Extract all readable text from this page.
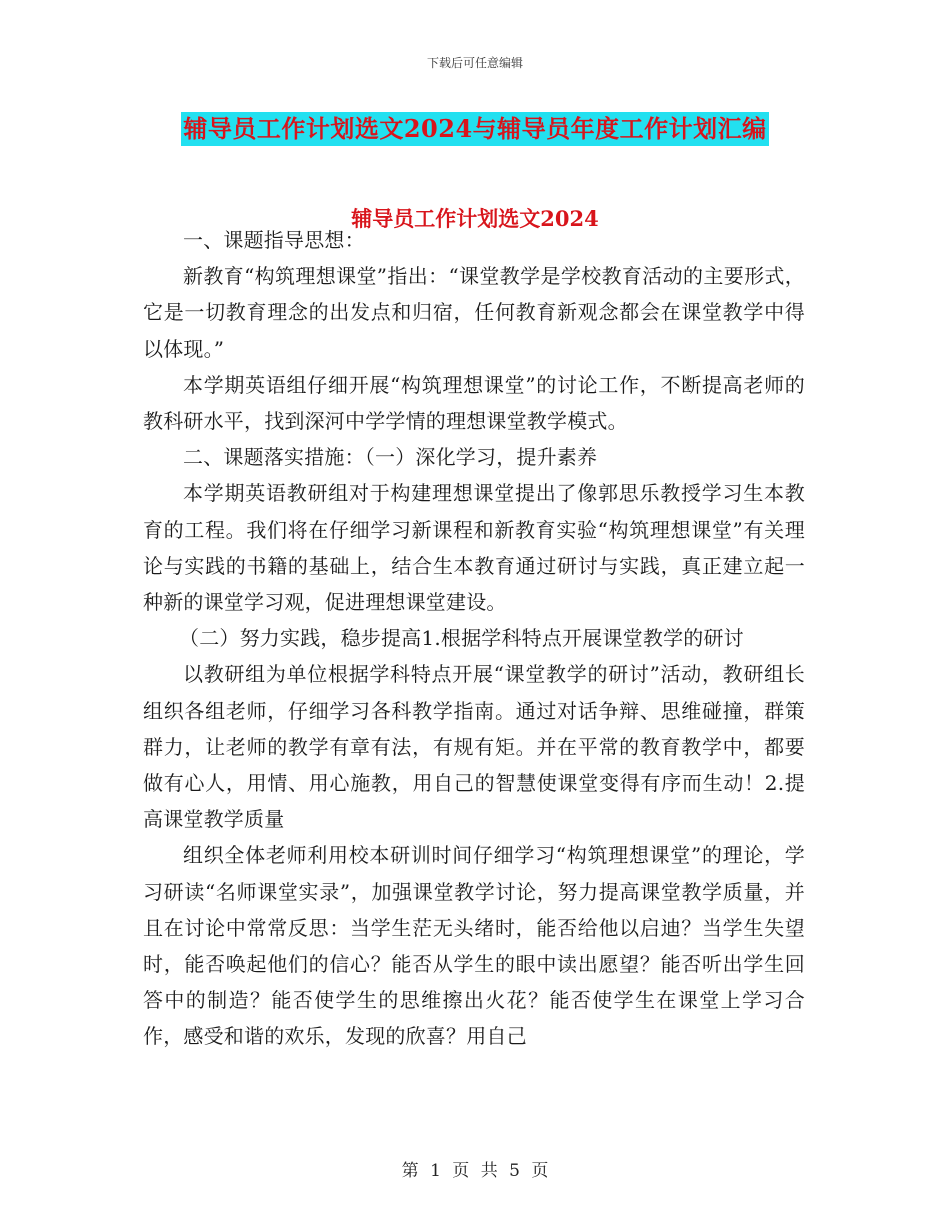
下载后可任意编辑
辅导员工作计划选文2024与辅导员年度工作计划汇编
辅导员工作计划选文2024

一、课题指导思想：

新教育“构筑理想课堂”指出：“课堂教学是学校教育活动的主要形式，它是一切教育理念的出发点和归宿，任何教育新观念都会在课堂教学中得以体现。”

本学期英语组仔细开展“构筑理想课堂”的讨论工作，不断提高老师的教科研水平，找到深河中学学情的理想课堂教学模式。

二、课题落实措施：（一）深化学习，提升素养

本学期英语教研组对于构建理想课堂提出了像郭思乐教授学习生本教育的工程。我们将在仔细学习新课程和新教育实验“构筑理想课堂”有关理论与实践的书籍的基础上，结合生本教育通过研讨与实践，真正建立起一种新的课堂学习观，促进理想课堂建设。

（二）努力实践，稳步提高1.根据学科特点开展课堂教学的研讨

以教研组为单位根据学科特点开展“课堂教学的研讨”活动，教研组长组织各组老师，仔细学习各科教学指南。通过对话争辩、思维碰撞，群策群力，让老师的教学有章有法，有规有矩。并在平常的教育教学中，都要做有心人，用情、用心施教，用自己的智慧使课堂变得有序而生动！2.提高课堂教学质量

组织全体老师利用校本研训时间仔细学习“构筑理想课堂”的理论，学习研读“名师课堂实录”，加强课堂教学讨论，努力提高课堂教学质量，并且在讨论中常常反思：当学生茫无头绪时，能否给他以启迪？当学生失望时，能否唤起他们的信心？能否从学生的眼中读出愿望？能否听出学生回答中的制造？能否使学生的思维擦出火花？能否使学生在课堂上学习合作，感受和谐的欢乐，发现的欣喜？用自己

第 1 页 共 5 页
